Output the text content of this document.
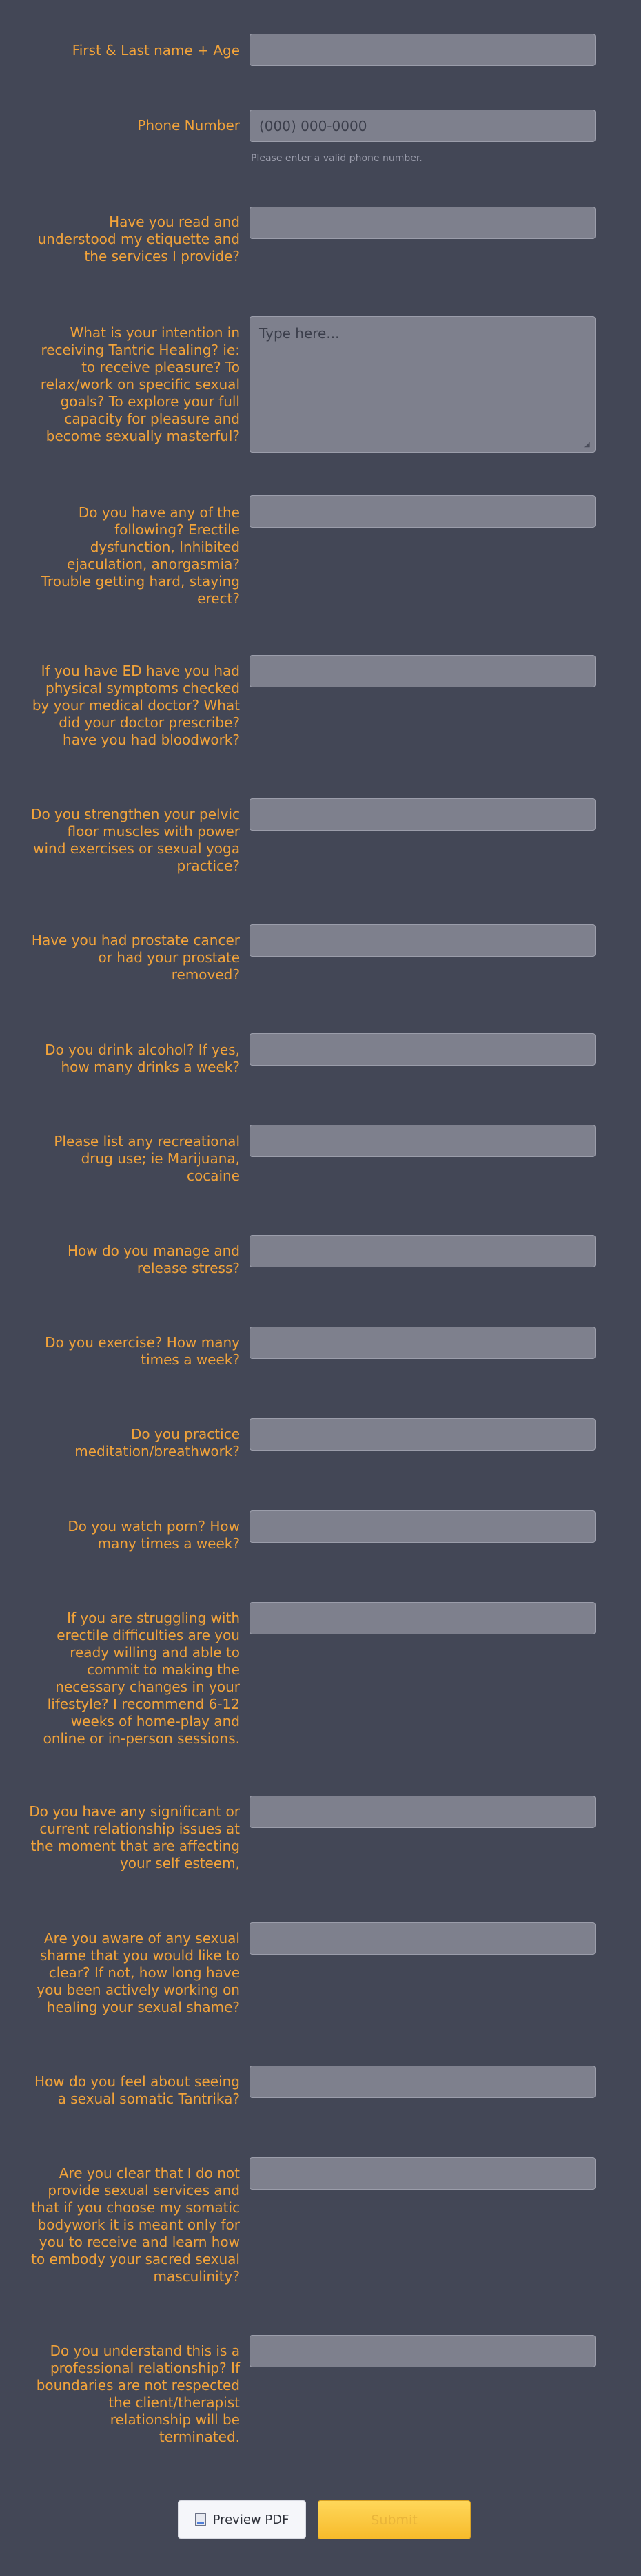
First & Last name + Age
Phone Number
(000) 000-0000
Please enter a valid phone number.
Have you read and
understood my etiquette and
the services I provide?
What is your intention in
receiving Tantric Healing? ie:
to receive pleasure? To
relax/work on specific sexual
goals? To explore your full
capacity for pleasure and
become sexually masterful?
Type here...
◢
Do you have any of the
following? Erectile
dysfunction, Inhibited
ejaculation, anorgasmia?
Trouble getting hard, staying
erect?
If you have ED have you had
physical symptoms checked
by your medical doctor? What
did your doctor prescribe?
have you had bloodwork?
Do you strengthen your pelvic
floor muscles with power
wind exercises or sexual yoga
practice?
Have you had prostate cancer
or had your prostate
removed?
Do you drink alcohol? If yes,
how many drinks a week?
Please list any recreational
drug use; ie Marijuana,
cocaine
How do you manage and
release stress?
Do you exercise? How many
times a week?
Do you practice
meditation/breathwork?
Do you watch porn? How
many times a week?
If you are struggling with
erectile difficulties are you
ready willing and able to
commit to making the
necessary changes in your
lifestyle? I recommend 6-12
weeks of home-play and
online or in-person sessions.
Do you have any significant or
current relationship issues at
the moment that are affecting
your self esteem,
Are you aware of any sexual
shame that you would like to
clear? If not, how long have
you been actively working on
healing your sexual shame?
How do you feel about seeing
a sexual somatic Tantrika?
Are you clear that I do not
provide sexual services and
that if you choose my somatic
bodywork it is meant only for
you to receive and learn how
to embody your sacred sexual
masculinity?
Do you understand this is a
professional relationship? If
boundaries are not respected
the client/therapist
relationship will be
terminated.
Preview PDF	Submit
